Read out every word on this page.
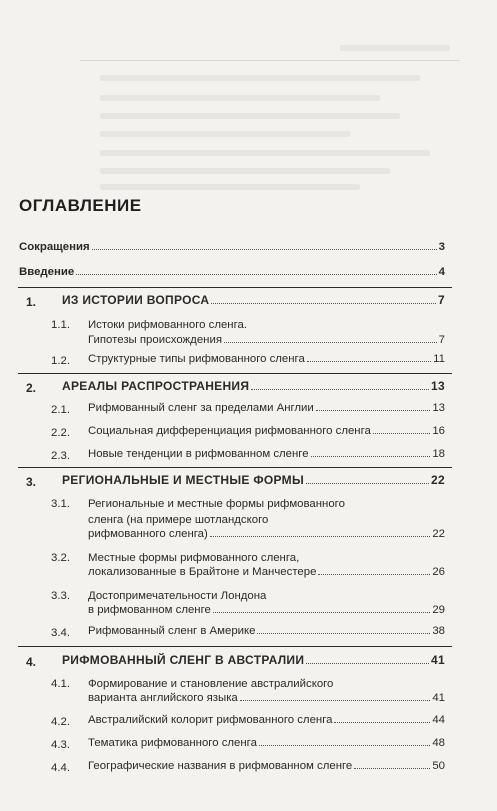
ОГЛАВЛЕНИЕ
Сокращения	3
Введение	4
1. ИЗ ИСТОРИИ ВОПРОСА	7
1.1. Истоки рифмованного сленга.
Гипотезы происхождения	7
1.2. Структурные типы рифмованного сленга	11
2. АРЕАЛЫ РАСПРОСТРАНЕНИЯ	13
2.1. Рифмованный сленг за пределами Англии	13
2.2. Социальная дифференциация рифмованного сленга	16
2.3. Новые тенденции в рифмованном сленге	18
3. РЕГИОНАЛЬНЫЕ И МЕСТНЫЕ ФОРМЫ	22
3.1. Региональные и местные формы рифмованного
сленга (на примере шотландского
рифмованного сленга)	22
3.2. Местные формы рифмованного сленга,
локализованные в Брайтоне и Манчестере	26
3.3. Достопримечательности Лондона
в рифмованном сленге	29
3.4. Рифмованный сленг в Америке	38
4. РИФМОВАННЫЙ СЛЕНГ В АВСТРАЛИИ	41
4.1. Формирование и становление австралийского
варианта английского языка	41
4.2. Австралийский колорит рифмованного сленга	44
4.3. Тематика рифмованного сленга	48
4.4. Географические названия в рифмованном сленге	50
